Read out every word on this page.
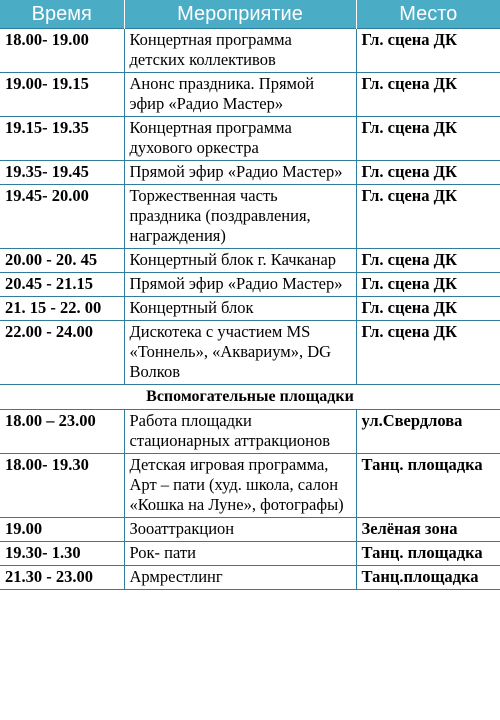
Время	Мероприятие	Место
18.00- 19.00	Концертная программа детских коллективов	Гл. сцена ДК
19.00- 19.15	Анонс праздника. Прямой эфир «Радио Мастер»	Гл. сцена ДК
19.15- 19.35	Концертная программа духового оркестра	Гл. сцена ДК
19.35- 19.45	Прямой эфир «Радио Мастер»	Гл. сцена ДК
19.45- 20.00	Торжественная часть праздника (поздравления, награждения)	Гл. сцена ДК
20.00 - 20. 45	Концертный блок г. Качканар	Гл. сцена ДК
20.45 - 21.15	Прямой эфир «Радио Мастер»	Гл. сцена ДК
21. 15 - 22. 00	Концертный блок	Гл. сцена ДК
22.00 - 24.00	Дискотека с участием MS «Тоннель», «Аквариум», DG Волков	Гл. сцена ДК
Вспомогательные площадки		
18.00 – 23.00	Работа площадки стационарных аттракционов	ул.Свердлова
18.00- 19.30	Детская игровая программа, Арт – пати (худ. школа, салон «Кошка на Луне», фотографы)	Танц. площадка
19.00	Зооаттракцион	Зелёная зона
19.30- 1.30	Рок- пати	Танц. площадка
21.30 - 23.00	Армрестлинг	Танц.площадка
